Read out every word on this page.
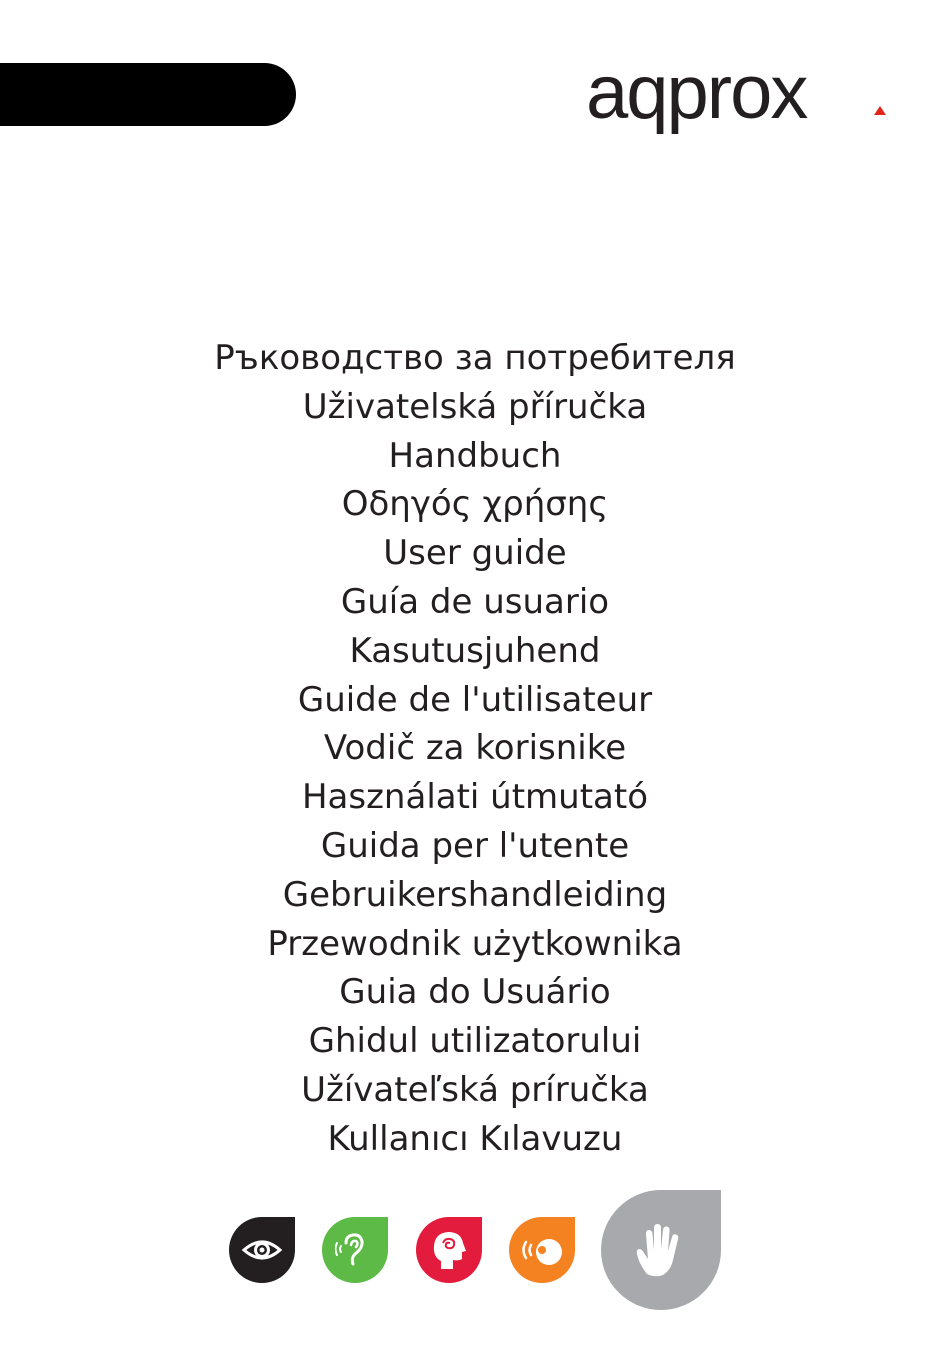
aqprox
Ръководство за потребителя
Uživatelská příručka
Handbuch
Οδηγός χρήσης
User guide
Guía de usuario
Kasutusjuhend
Guide de l'utilisateur
Vodič za korisnike
Használati útmutató
Guida per l'utente
Gebruikershandleiding
Przewodnik użytkownika
Guia do Usuário
Ghidul utilizatorului
Užívateľská príručka
Kullanıcı Kılavuzu
